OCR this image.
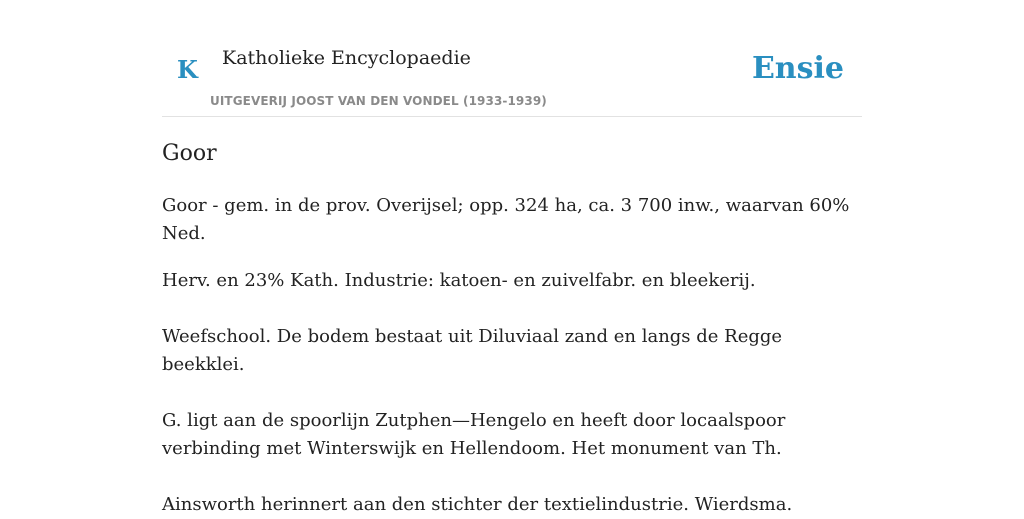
K Katholieke Encyclopaedie
UITGEVERIJ JOOST VAN DEN VONDEL (1933-1939)
Ensie
Goor

Goor - gem. in de prov. Overijsel; opp. 324 ha, ca. 3 700 inw., waarvan 60% Ned.

Herv. en 23% Kath. Industrie: katoen- en zuivelfabr. en bleekerij.

Weefschool. De bodem bestaat uit Diluviaal zand en langs de Regge beekklei.

G. ligt aan de spoorlijn Zutphen—Hengelo en heeft door locaalspoor verbinding met Winterswijk en Hellendoom. Het monument van Th.

Ainsworth herinnert aan den stichter der textielindustrie. Wierdsma.
